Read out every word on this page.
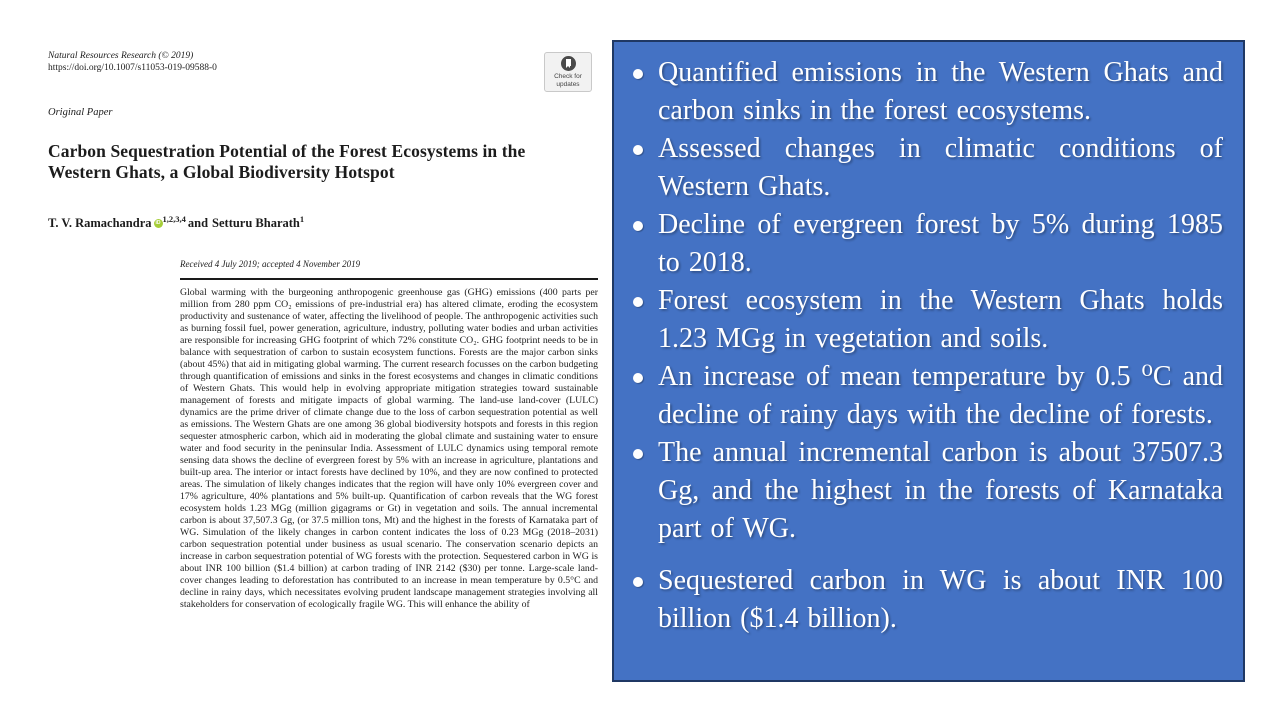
Natural Resources Research (© 2019)
https://doi.org/10.1007/s11053-019-09588-0
Check for updates
Original Paper
Carbon Sequestration Potential of the Forest Ecosystems in the Western Ghats, a Global Biodiversity Hotspot
T. V. Ramachandra iD $^{1,2,3,4}$ and Setturu Bharath$^1$
Received 4 July 2019; accepted 4 November 2019

Global warming with the burgeoning anthropogenic greenhouse gas (GHG) emissions (400 parts per million from 280 ppm CO₂ emissions of pre-industrial era) has altered climate, eroding the ecosystem productivity and sustenance of water, affecting the livelihood of people. The anthropogenic activities such as burning fossil fuel, power generation, agriculture, industry, polluting water bodies and urban activities are responsible for increasing GHG footprint of which 72% constitute CO₂. GHG footprint needs to be in balance with sequestration of carbon to sustain ecosystem functions. Forests are the major carbon sinks (about 45%) that aid in mitigating global warming. The current research focusses on the carbon budgeting through quantification of emissions and sinks in the forest ecosystems and changes in climatic conditions of Western Ghats. This would help in evolving appropriate mitigation strategies toward sustainable management of forests and mitigate impacts of global warming. The land-use land-cover (LULC) dynamics are the prime driver of climate change due to the loss of carbon sequestration potential as well as emissions. The Western Ghats are one among 36 global biodiversity hotspots and forests in this region sequester atmospheric carbon, which aid in moderating the global climate and sustaining water to ensure water and food security in the peninsular India. Assessment of LULC dynamics using temporal remote sensing data shows the decline of evergreen forest by 5% with an increase in agriculture, plantations and built-up area. The interior or intact forests have declined by 10%, and they are now confined to protected areas. The simulation of likely changes indicates that the region will have only 10% evergreen cover and 17% agriculture, 40% plantations and 5% built-up. Quantification of carbon reveals that the WG forest ecosystem holds 1.23 MGg (million gigagrams or Gt) in vegetation and soils. The annual incremental carbon is about 37,507.3 Gg, (or 37.5 million tons, Mt) and the highest in the forests of Karnataka part of WG. Simulation of the likely changes in carbon content indicates the loss of 0.23 MGg (2018–2031) carbon sequestration potential under business as usual scenario. The conservation scenario depicts an increase in carbon sequestration potential of WG forests with the protection. Sequestered carbon in WG is about INR 100 billion ($1.4 billion) at carbon trading of INR 2142 ($30) per tonne. Large-scale land-cover changes leading to deforestation has contributed to an increase in mean temperature by 0.5°C and decline in rainy days, which necessitates evolving prudent landscape management strategies involving all stakeholders for conservation of ecologically fragile WG. This will enhance the ability of

Quantified emissions in the Western Ghats and carbon sinks in the forest ecosystems.
Assessed changes in climatic conditions of Western Ghats.
Decline of evergreen forest by 5% during 1985 to 2018.
Forest ecosystem in the Western Ghats holds 1.23 MGg in vegetation and soils.
An increase of mean temperature by 0.5 ⁰C and decline of rainy days with the decline of forests.
The annual incremental carbon is about 37507.3 Gg, and the highest in the forests of Karnataka part of WG.
Sequestered carbon in WG is about INR 100 billion ($1.4 billion).
